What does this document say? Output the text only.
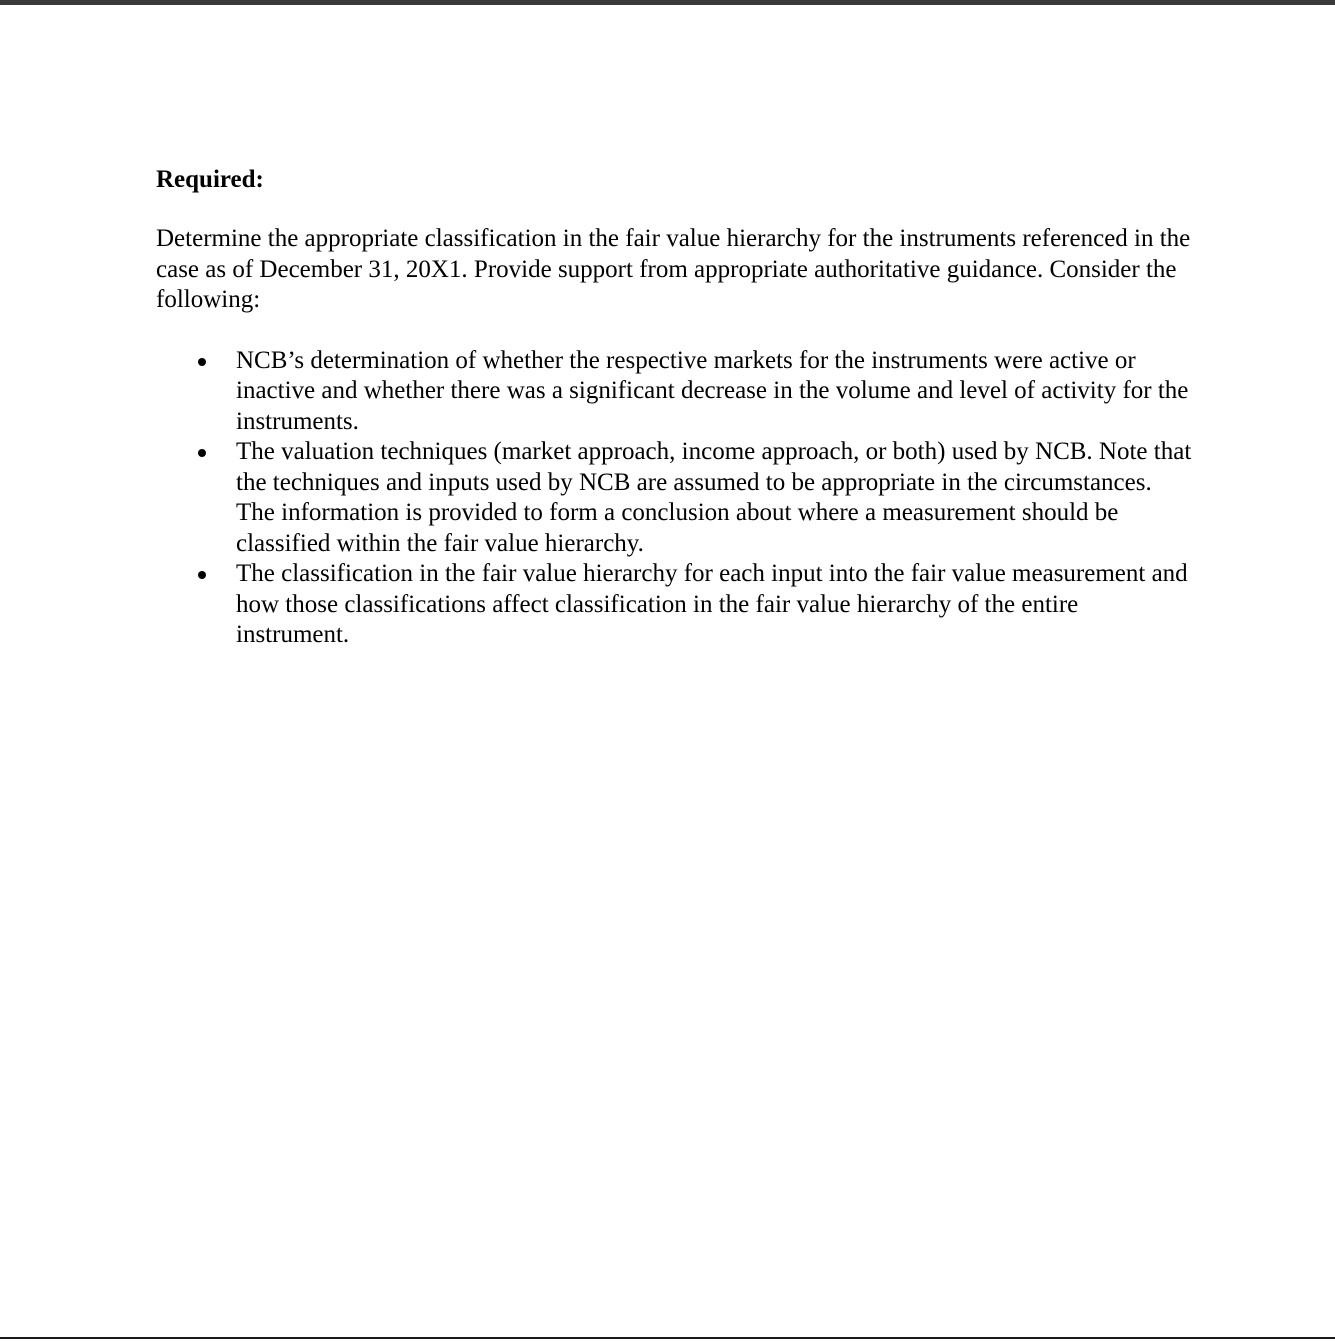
Required:

Determine the appropriate classification in the fair value hierarchy for the instruments referenced in the case as of December 31, 20X1. Provide support from appropriate authoritative guidance. Consider the following:

NCB’s determination of whether the respective markets for the instruments were active or inactive and whether there was a significant decrease in the volume and level of activity for the instruments.
The valuation techniques (market approach, income approach, or both) used by NCB. Note that the techniques and inputs used by NCB are assumed to be appropriate in the circumstances. The information is provided to form a conclusion about where a measurement should be classified within the fair value hierarchy.
The classification in the fair value hierarchy for each input into the fair value measurement and how those classifications affect classification in the fair value hierarchy of the entire instrument.
